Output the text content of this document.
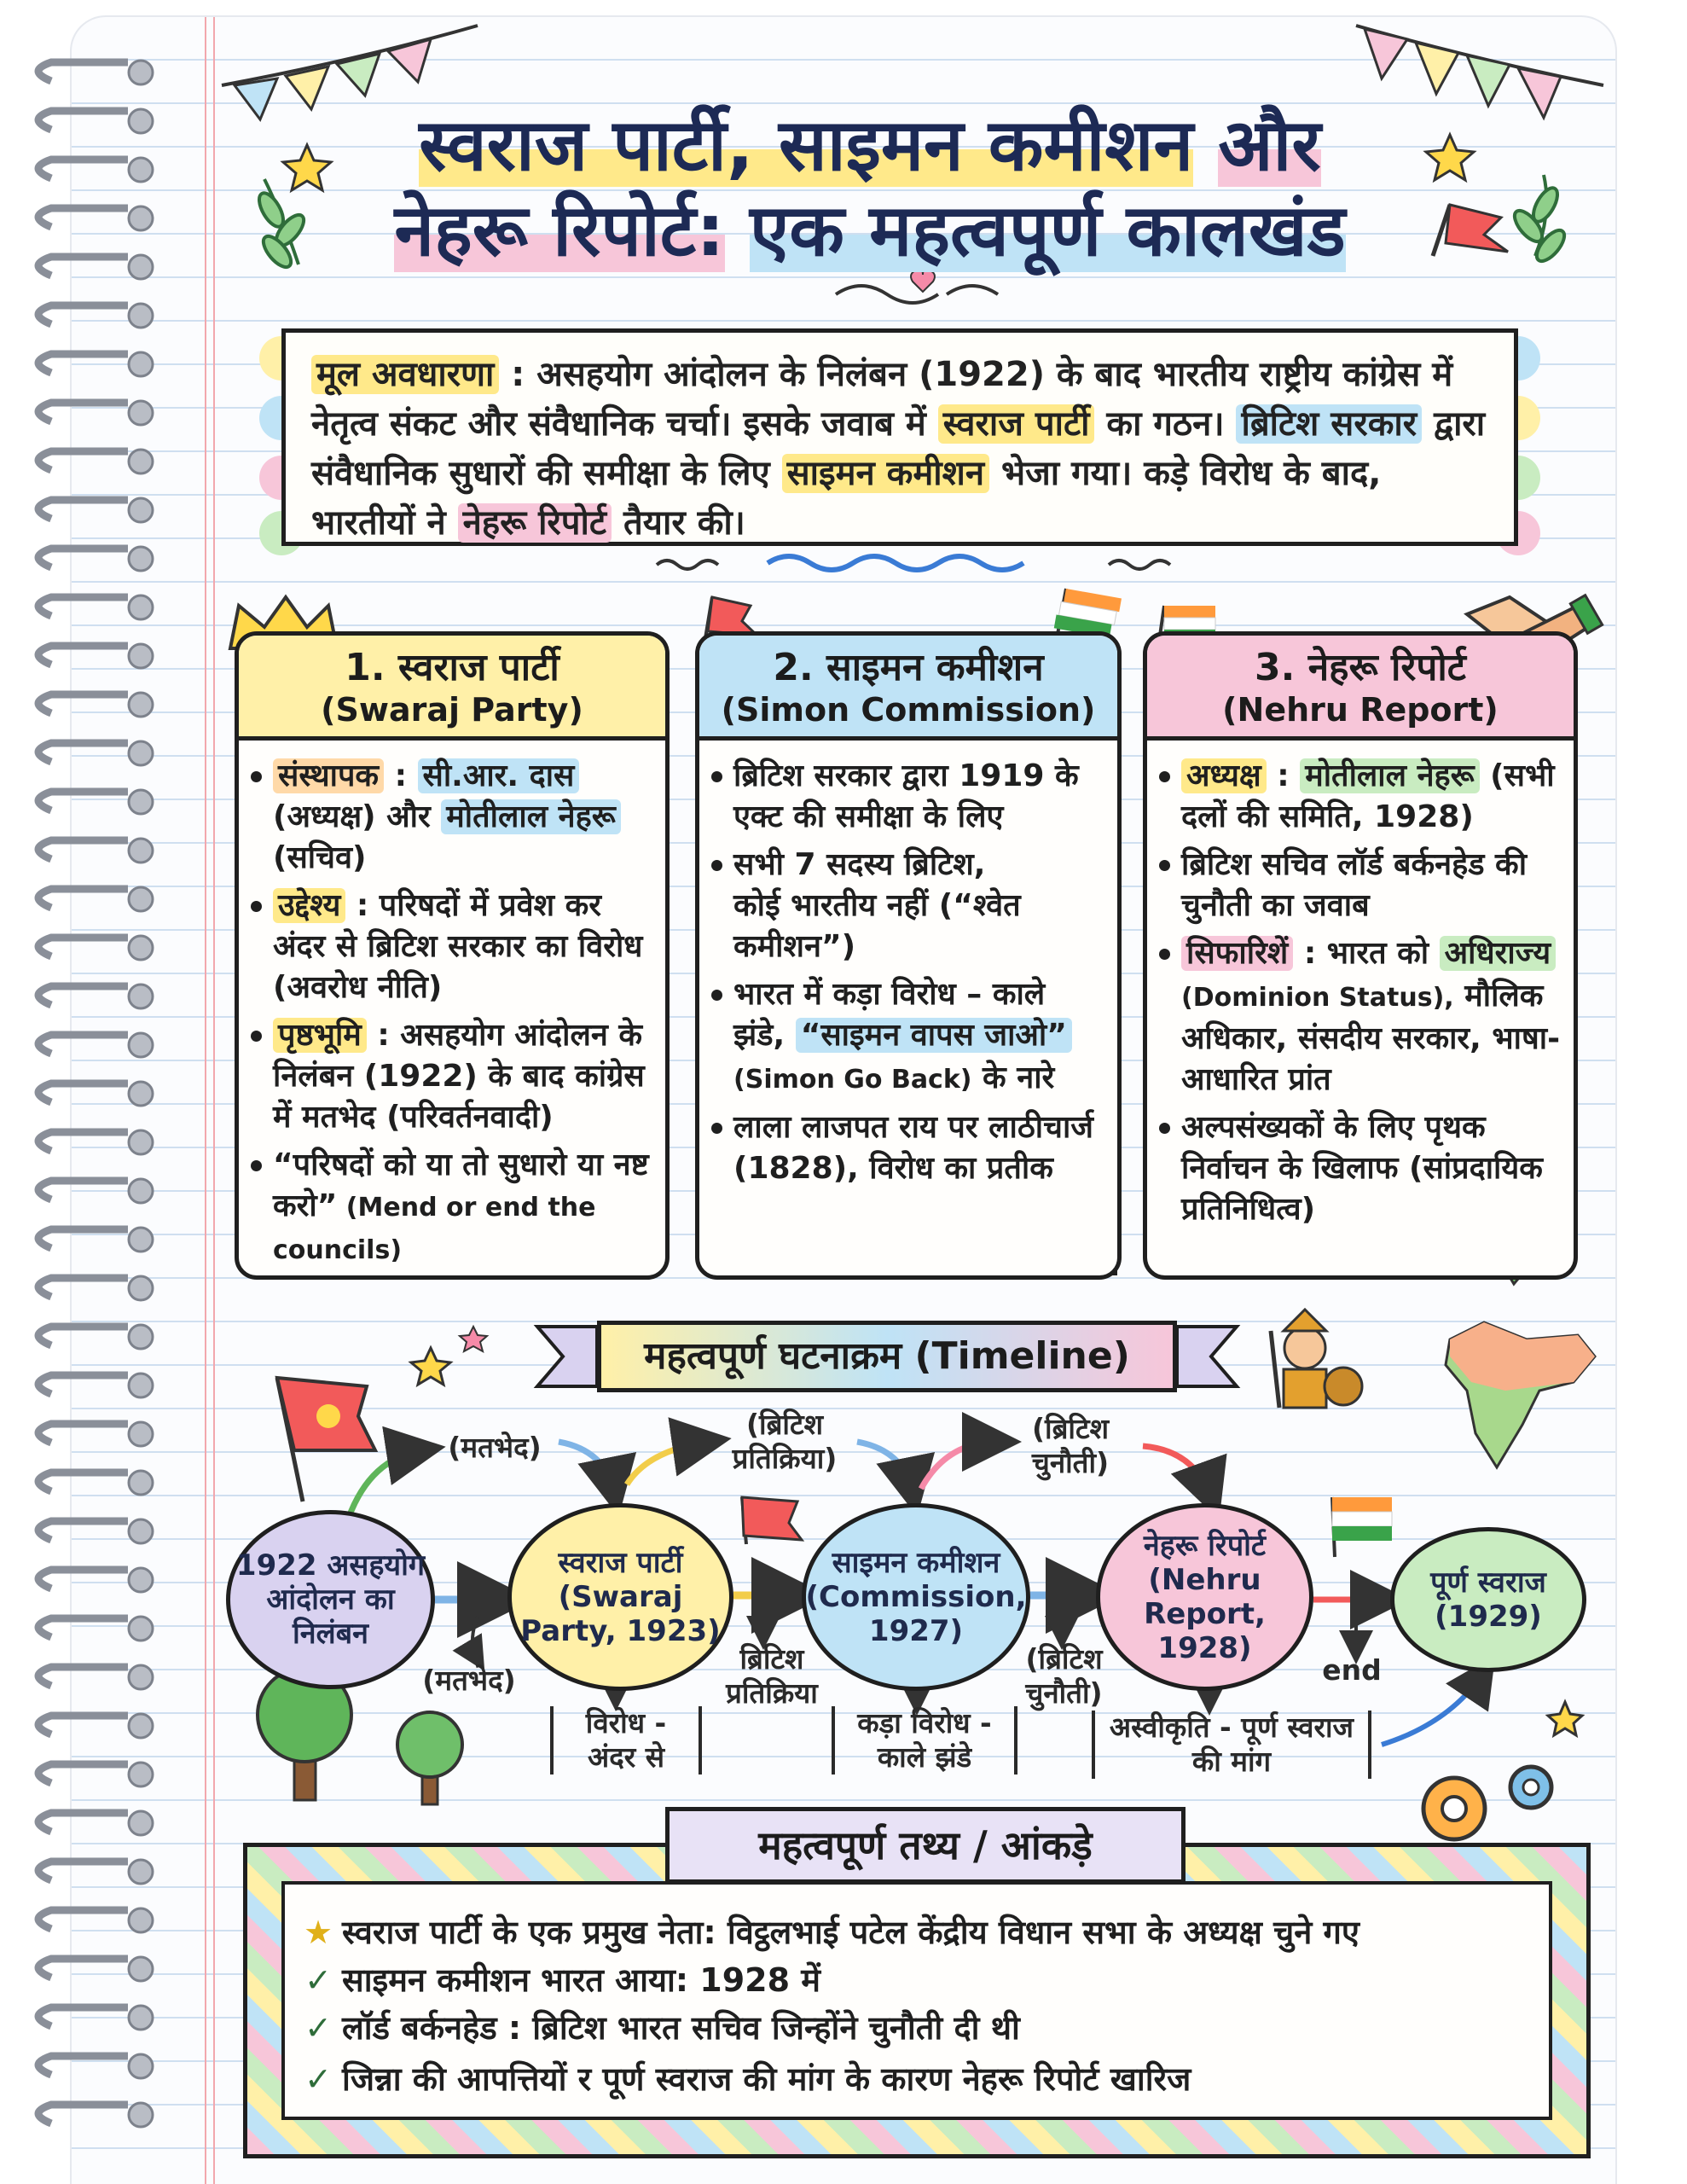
स्वराज पार्टी, साइमन कमीशन और
नेहरू रिपोर्ट: एक महत्वपूर्ण कालखंड
मूल अवधारणा : असहयोग आंदोलन के निलंबन (1922) के बाद भारतीय राष्ट्रीय कांग्रेस में नेतृत्व संकट और संवैधानिक चर्चा। इसके जवाब में स्वराज पार्टी का गठन। ब्रिटिश सरकार द्वारा संवैधानिक सुधारों की समीक्षा के लिए साइमन कमीशन भेजा गया। कड़े विरोध के बाद, भारतीयों ने नेहरू रिपोर्ट तैयार की।
1. स्वराज पार्टी
(Swaraj Party)
संस्थापक : सी.आर. दास (अध्यक्ष) और मोतीलाल नेहरू (सचिव)
उद्देश्य : परिषदों में प्रवेश कर अंदर से ब्रिटिश सरकार का विरोध (अवरोध नीति)
पृष्ठभूमि : असहयोग आंदोलन के निलंबन (1922) के बाद कांग्रेस में मतभेद (परिवर्तनवादी)
“परिषदों को या तो सुधारो या नष्ट करो” (Mend or end the councils)
2. साइमन कमीशन
(Simon Commission)
ब्रिटिश सरकार द्वारा 1919 के एक्ट की समीक्षा के लिए
सभी 7 सदस्य ब्रिटिश, कोई भारतीय नहीं (“श्वेत कमीशन”)
भारत में कड़ा विरोध – काले झंडे, “साइमन वापस जाओ” (Simon Go Back) के नारे
लाला लाजपत राय पर लाठीचार्ज (1828), विरोध का प्रतीक
3. नेहरू रिपोर्ट
(Nehru Report)
अध्यक्ष : मोतीलाल नेहरू (सभी दलों की समिति, 1928)
ब्रिटिश सचिव लॉर्ड बर्कनहेड की चुनौती का जवाब
सिफारिशें : भारत को अधिराज्य (Dominion Status), मौलिक अधिकार, संसदीय सरकार, भाषा-आधारित प्रांत
अल्पसंख्यकों के लिए पृथक निर्वाचन के खिलाफ (सांप्रदायिक प्रतिनिधित्व)
महत्वपूर्ण घटनाक्रम (Timeline)
1922 असहयोग आंदोलन का निलंबन
स्वराज पार्टी (Swaraj Party, 1923)
साइमन कमीशन (Commission, 1927)
नेहरू रिपोर्ट (Nehru Report, 1928)
पूर्ण स्वराज (1929)
(मतभेद)
(ब्रिटिश प्रतिक्रिया)
(ब्रिटिश चुनौती)
(मतभेद)
ब्रिटिश प्रतिक्रिया
(ब्रिटिश चुनौती)
end
विरोध - अंदर से
कड़ा विरोध - काले झंडे
अस्वीकृति - पूर्ण स्वराज की मांग
महत्वपूर्ण तथ्य / आंकड़े
★ स्वराज पार्टी के एक प्रमुख नेता: विट्ठलभाई पटेल केंद्रीय विधान सभा के अध्यक्ष चुने गए
✓ साइमन कमीशन भारत आया: 1928 में
✓ लॉर्ड बर्कनहेड : ब्रिटिश भारत सचिव जिन्होंने चुनौती दी थी
✓ जिन्ना की आपत्तियों र पूर्ण स्वराज की मांग के कारण नेहरू रिपोर्ट खारिज
